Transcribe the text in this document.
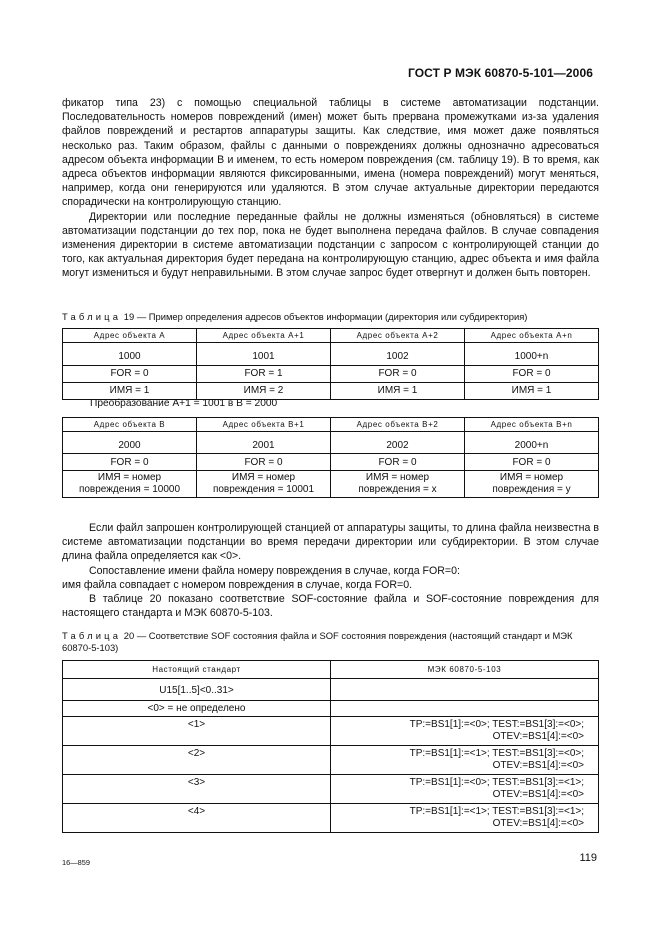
ГОСТ Р МЭК 60870-5-101—2006

фикатор типа 23) с помощью специальной таблицы в системе автоматизации подстанции. Последовательность номеров повреждений (имен) может быть прервана промежутками из-за удаления файлов повреждений и рестартов аппаратуры защиты. Как следствие, имя может даже появляться несколько раз. Таким образом, файлы с данными о повреждениях должны однозначно адресоваться адресом объекта информации В и именем, то есть номером повреждения (см. таблицу 19). В то время, как адреса объектов информации являются фиксированными, имена (номера повреждений) могут меняться, например, когда они генерируются или удаляются. В этом случае актуальные директории передаются спорадически на контролирующую станцию.

Директории или последние переданные файлы не должны изменяться (обновляться) в системе автоматизации подстанции до тех пор, пока не будет выполнена передача файлов. В случае совпадения изменения директории в системе автоматизации подстанции с запросом с контролирующей станции до того, как актуальная директория будет передана на контролирующую станцию, адрес объекта и имя файла могут измениться и будут неправильными. В этом случае запрос будет отвергнут и должен быть повторен.

Таблица 19 — Пример определения адресов объектов информации (директория или субдиректория)
Адрес объекта А	Адрес объекта А+1	Адрес объекта А+2	Адрес объекта А+n

1000	1001	1002	1000+n
FOR = 0	FOR = 1	FOR = 0	FOR = 0
ИМЯ = 1	ИМЯ = 2	ИМЯ = 1	ИМЯ = 1
Преобразование А+1 = 1001 в В = 2000
Адрес объекта В	Адрес объекта В+1	Адрес объекта В+2	Адрес объекта В+n

2000	2001	2002	2000+n
FOR = 0	FOR = 0	FOR = 0	FOR = 0
ИМЯ = номер повреждения = 10000	ИМЯ = номер повреждения = 10001	ИМЯ = номер повреждения = x	ИМЯ = номер повреждения = y

Если файл запрошен контролирующей станцией от аппаратуры защиты, то длина файла неизвестна в системе автоматизации подстанции во время передачи директории или субдиректории. В этом случае длина файла определяется как <0>.

Сопоставление имени файла номеру повреждения в случае, когда FOR=0:

имя файла совпадает с номером повреждения в случае, когда FOR=0.

В таблице 20 показано соответствие SOF-состояние файла и SOF-состояние повреждения для настоящего стандарта и МЭК 60870-5-103.

Таблица 20 — Соответствие SOF состояния файла и SOF состояния повреждения (настоящий стандарт и МЭК 60870-5-103)
Настоящий стандарт	МЭК 60870-5-103

U15[1..5]<0..31>	
<0> = не определено	
<1>	TP:=BS1[1]:=<0>; TEST:=BS1[3]:=<0>; OTEV:=BS1[4]:=<0>
<2>	TP:=BS1[1]:=<1>; TEST:=BS1[3]:=<0>; OTEV:=BS1[4]:=<0>
<3>	TP:=BS1[1]:=<0>; TEST:=BS1[3]:=<1>; OTEV:=BS1[4]:=<0>
<4>	TP:=BS1[1]:=<1>; TEST:=BS1[3]:=<1>; OTEV:=BS1[4]:=<0>
16—859	119
